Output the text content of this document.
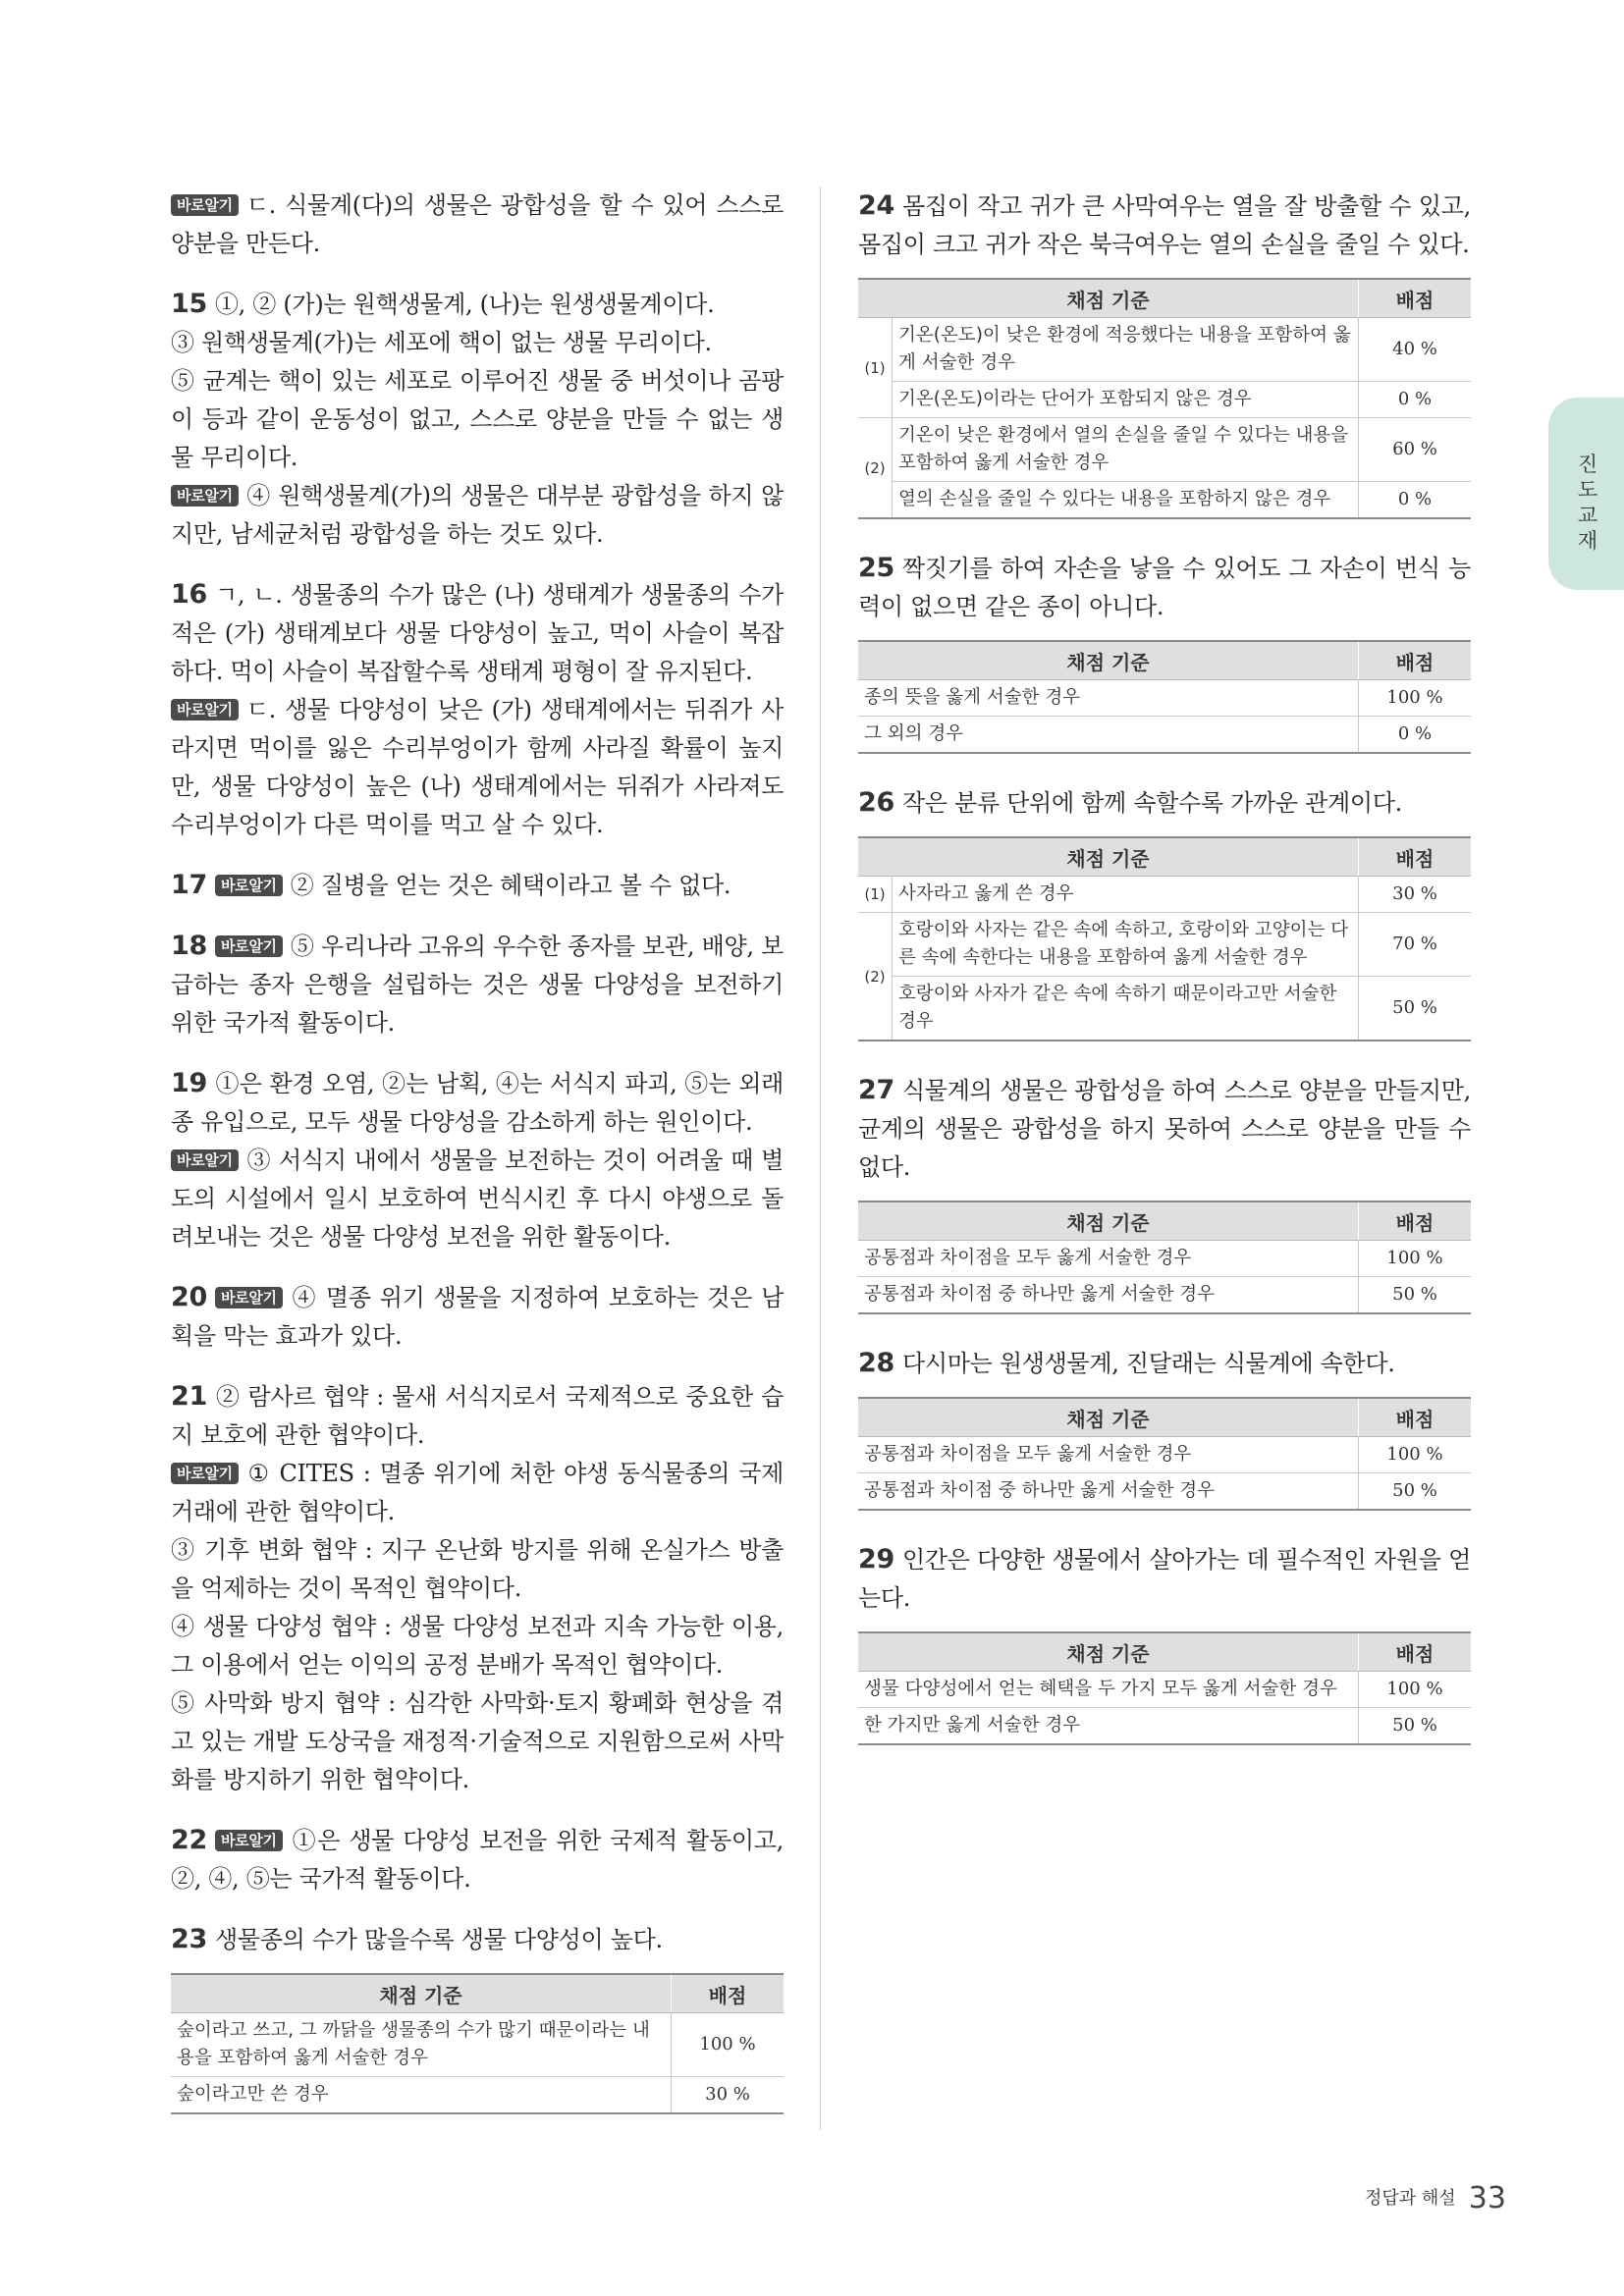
바로알기 ㄷ. 식물계(다)의 생물은 광합성을 할 수 있어 스스로 양분을 만든다.

15 ①, ② (가)는 원핵생물계, (나)는 원생생물계이다.

③ 원핵생물계(가)는 세포에 핵이 없는 생물 무리이다.

⑤ 균계는 핵이 있는 세포로 이루어진 생물 중 버섯이나 곰팡이 등과 같이 운동성이 없고, 스스로 양분을 만들 수 없는 생물 무리이다.

바로알기 ④ 원핵생물계(가)의 생물은 대부분 광합성을 하지 않지만, 남세균처럼 광합성을 하는 것도 있다.

16 ㄱ, ㄴ. 생물종의 수가 많은 (나) 생태계가 생물종의 수가 적은 (가) 생태계보다 생물 다양성이 높고, 먹이 사슬이 복잡하다. 먹이 사슬이 복잡할수록 생태계 평형이 잘 유지된다.

바로알기 ㄷ. 생물 다양성이 낮은 (가) 생태계에서는 뒤쥐가 사라지면 먹이를 잃은 수리부엉이가 함께 사라질 확률이 높지만, 생물 다양성이 높은 (나) 생태계에서는 뒤쥐가 사라져도 수리부엉이가 다른 먹이를 먹고 살 수 있다.

17 바로알기 ② 질병을 얻는 것은 혜택이라고 볼 수 없다.

18 바로알기 ⑤ 우리나라 고유의 우수한 종자를 보관, 배양, 보급하는 종자 은행을 설립하는 것은 생물 다양성을 보전하기 위한 국가적 활동이다.

19 ①은 환경 오염, ②는 남획, ④는 서식지 파괴, ⑤는 외래종 유입으로, 모두 생물 다양성을 감소하게 하는 원인이다.

바로알기 ③ 서식지 내에서 생물을 보전하는 것이 어려울 때 별도의 시설에서 일시 보호하여 번식시킨 후 다시 야생으로 돌려보내는 것은 생물 다양성 보전을 위한 활동이다.

20 바로알기 ④ 멸종 위기 생물을 지정하여 보호하는 것은 남획을 막는 효과가 있다.

21 ② 람사르 협약 : 물새 서식지로서 국제적으로 중요한 습지 보호에 관한 협약이다.

바로알기 ① CITES : 멸종 위기에 처한 야생 동식물종의 국제 거래에 관한 협약이다.

③ 기후 변화 협약 : 지구 온난화 방지를 위해 온실가스 방출을 억제하는 것이 목적인 협약이다.

④ 생물 다양성 협약 : 생물 다양성 보전과 지속 가능한 이용, 그 이용에서 얻는 이익의 공정 분배가 목적인 협약이다.

⑤ 사막화 방지 협약 : 심각한 사막화·토지 황폐화 현상을 겪고 있는 개발 도상국을 재정적·기술적으로 지원함으로써 사막화를 방지하기 위한 협약이다.

22 바로알기 ①은 생물 다양성 보전을 위한 국제적 활동이고, ②, ④, ⑤는 국가적 활동이다.

23 생물종의 수가 많을수록 생물 다양성이 높다.

채점 기준	배점
숲이라고 쓰고, 그 까닭을 생물종의 수가 많기 때문이라는 내용을 포함하여 옳게 서술한 경우	100 %
숲이라고만 쓴 경우	30 %

24 몸집이 작고 귀가 큰 사막여우는 열을 잘 방출할 수 있고, 몸집이 크고 귀가 작은 북극여우는 열의 손실을 줄일 수 있다.

채점 기준		배점
(1)	기온(온도)이 낮은 환경에 적응했다는 내용을 포함하여 옳게 서술한 경우	40 %
	기온(온도)이라는 단어가 포함되지 않은 경우	0 %
(2)	기온이 낮은 환경에서 열의 손실을 줄일 수 있다는 내용을 포함하여 옳게 서술한 경우	60 %
	열의 손실을 줄일 수 있다는 내용을 포함하지 않은 경우	0 %

25 짝짓기를 하여 자손을 낳을 수 있어도 그 자손이 번식 능력이 없으면 같은 종이 아니다.

채점 기준	배점
종의 뜻을 옳게 서술한 경우	100 %
그 외의 경우	0 %

26 작은 분류 단위에 함께 속할수록 가까운 관계이다.

채점 기준		배점
(1)	사자라고 옳게 쓴 경우	30 %
(2)	호랑이와 사자는 같은 속에 속하고, 호랑이와 고양이는 다른 속에 속한다는 내용을 포함하여 옳게 서술한 경우	70 %
	호랑이와 사자가 같은 속에 속하기 때문이라고만 서술한 경우	50 %

27 식물계의 생물은 광합성을 하여 스스로 양분을 만들지만, 균계의 생물은 광합성을 하지 못하여 스스로 양분을 만들 수 없다.

채점 기준	배점
공통점과 차이점을 모두 옳게 서술한 경우	100 %
공통점과 차이점 중 하나만 옳게 서술한 경우	50 %

28 다시마는 원생생물계, 진달래는 식물계에 속한다.

채점 기준	배점
공통점과 차이점을 모두 옳게 서술한 경우	100 %
공통점과 차이점 중 하나만 옳게 서술한 경우	50 %

29 인간은 다양한 생물에서 살아가는 데 필수적인 자원을 얻는다.

채점 기준	배점
생물 다양성에서 얻는 혜택을 두 가지 모두 옳게 서술한 경우	100 %
한 가지만 옳게 서술한 경우	50 %
진도 교재
정답과 해설 33
